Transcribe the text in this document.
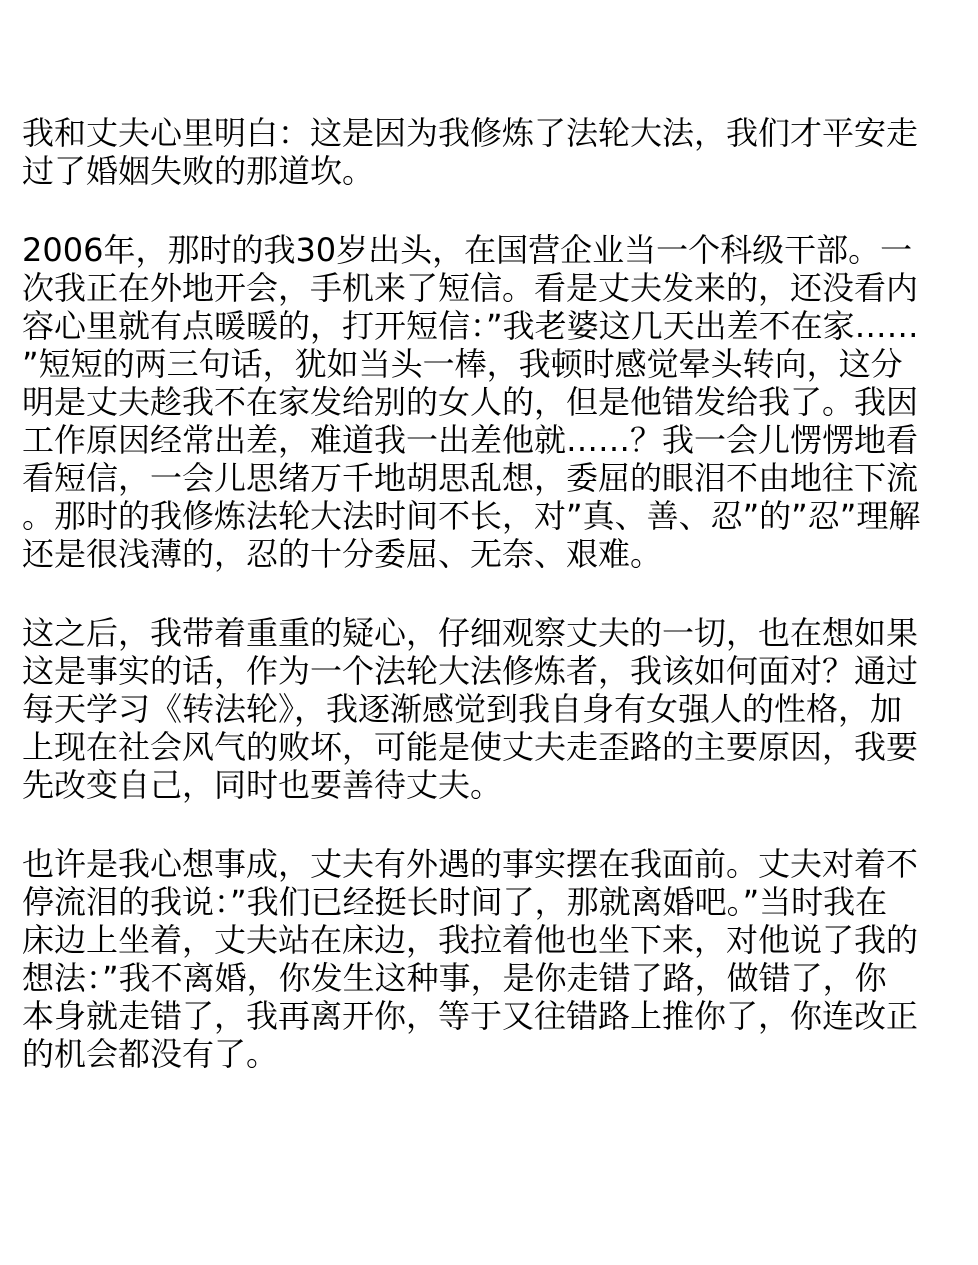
我和丈夫心里明白：这是因为我修炼了法轮大法，我们才平安走
过了婚姻失败的那道坎。
2006年，那时的我30岁出头，在国营企业当一个科级干部。一
次我正在外地开会，手机来了短信。看是丈夫发来的，还没看内
容心里就有点暖暖的，打开短信：”我老婆这几天出差不在家……
”短短的两三句话，犹如当头一棒，我顿时感觉晕头转向，这分
明是丈夫趁我不在家发给别的女人的，但是他错发给我了。我因
工作原因经常出差，难道我一出差他就……？我一会儿愣愣地看
看短信，一会儿思绪万千地胡思乱想，委屈的眼泪不由地往下流
。那时的我修炼法轮大法时间不长，对”真、善、忍”的”忍”理解
还是很浅薄的，忍的十分委屈、无奈、艰难。
这之后，我带着重重的疑心，仔细观察丈夫的一切，也在想如果
这是事实的话，作为一个法轮大法修炼者，我该如何面对？通过
每天学习《转法轮》，我逐渐感觉到我自身有女强人的性格，加
上现在社会风气的败坏，可能是使丈夫走歪路的主要原因，我要
先改变自己，同时也要善待丈夫。
也许是我心想事成，丈夫有外遇的事实摆在我面前。丈夫对着不
停流泪的我说：”我们已经挺长时间了，那就离婚吧。”当时我在
床边上坐着，丈夫站在床边，我拉着他也坐下来，对他说了我的
想法：”我不离婚，你发生这种事，是你走错了路，做错了，你
本身就走错了，我再离开你，等于又往错路上推你了，你连改正
的机会都没有了。
